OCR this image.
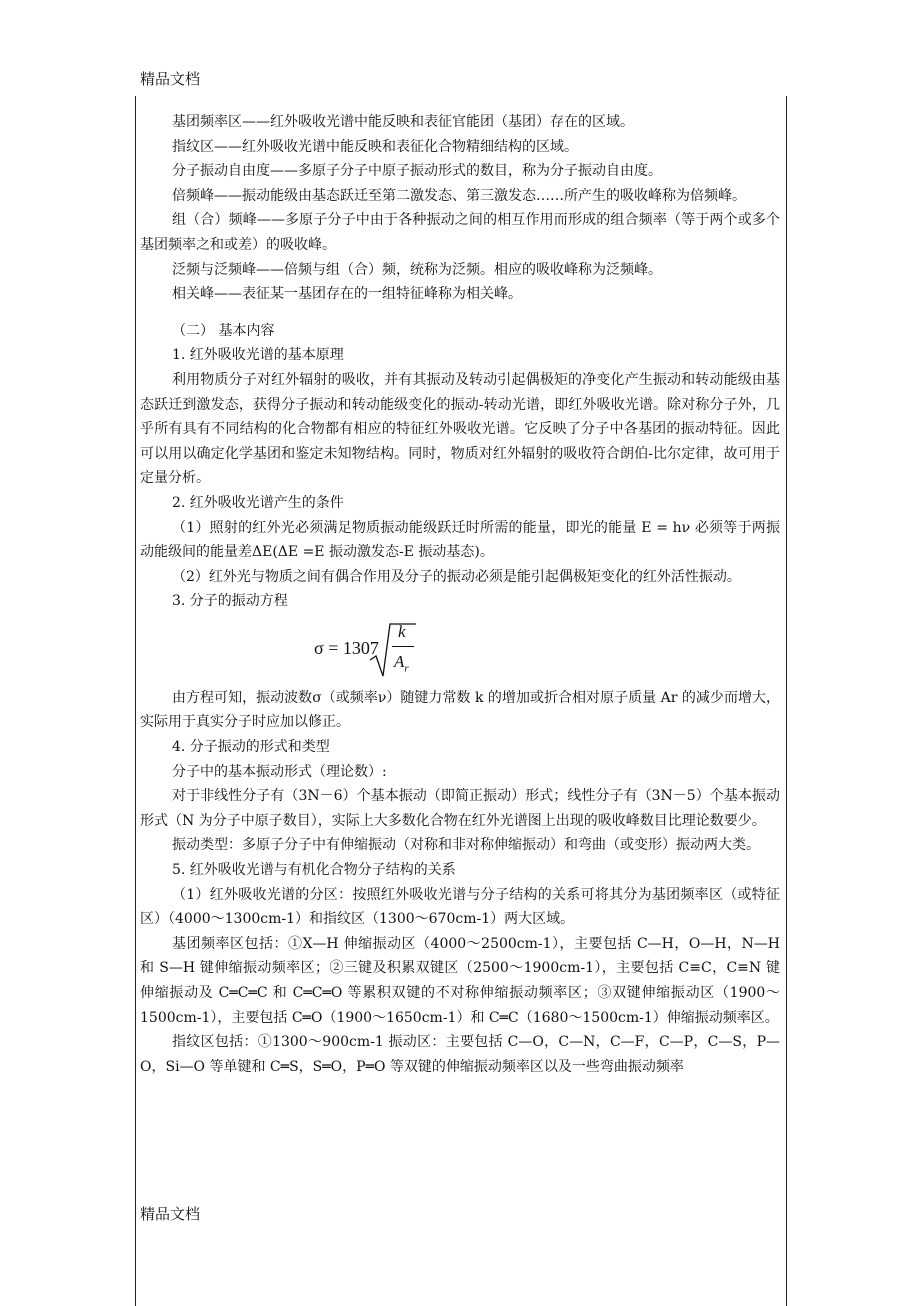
精品文档

基团频率区——红外吸收光谱中能反映和表征官能团（基团）存在的区域。

指纹区——红外吸收光谱中能反映和表征化合物精细结构的区域。

分子振动自由度——多原子分子中原子振动形式的数目，称为分子振动自由度。

倍频峰——振动能级由基态跃迁至第二激发态、第三激发态……所产生的吸收峰称为倍频峰。

组（合）频峰——多原子分子中由于各种振动之间的相互作用而形成的组合频率（等于两个或多个基团频率之和或差）的吸收峰。

泛频与泛频峰——倍频与组（合）频，统称为泛频。相应的吸收峰称为泛频峰。

相关峰——表征某一基团存在的一组特征峰称为相关峰。

（二） 基本内容

1. 红外吸收光谱的基本原理

利用物质分子对红外辐射的吸收，并有其振动及转动引起偶极矩的净变化产生振动和转动能级由基态跃迁到激发态，获得分子振动和转动能级变化的振动-转动光谱，即红外吸收光谱。除对称分子外，几乎所有具有不同结构的化合物都有相应的特征红外吸收光谱。它反映了分子中各基团的振动特征。因此可以用以确定化学基团和鉴定未知物结构。同时，物质对红外辐射的吸收符合朗伯-比尔定律，故可用于定量分析。

2. 红外吸收光谱产生的条件

（1）照射的红外光必须满足物质振动能级跃迁时所需的能量，即光的能量 E = hν 必须等于两振动能级间的能量差ΔE(ΔE =E 振动激发态-E 振动基态)。

（2）红外光与物质之间有偶合作用及分子的振动必须是能引起偶极矩变化的红外活性振动。

3. 分子的振动方程

σ = 1307
k
$A_r$

由方程可知，振动波数σ（或频率ν）随键力常数 k 的增加或折合相对原子质量 Ar 的减少而增大，实际用于真实分子时应加以修正。

4. 分子振动的形式和类型

分子中的基本振动形式（理论数）:

对于非线性分子有（3N－6）个基本振动（即简正振动）形式；线性分子有（3N－5）个基本振动形式（N 为分子中原子数目），实际上大多数化合物在红外光谱图上出现的吸收峰数目比理论数要少。

振动类型：多原子分子中有伸缩振动（对称和非对称伸缩振动）和弯曲（或变形）振动两大类。

5. 红外吸收光谱与有机化合物分子结构的关系

（1）红外吸收光谱的分区：按照红外吸收光谱与分子结构的关系可将其分为基团频率区（或特征区）（4000～1300cm-1）和指纹区（1300～670cm-1）两大区域。

基团频率区包括：①X—H 伸缩振动区（4000～2500cm-1），主要包括 C—H，O—H，N—H 和 S—H 键伸缩振动频率区；②三键及积累双键区（2500～1900cm-1），主要包括 C≡C，C≡N 键伸缩振动及 C═C═C 和 C═C═O 等累积双键的不对称伸缩振动频率区；③双键伸缩振动区（1900～1500cm-1），主要包括 C═O（1900～1650cm-1）和 C═C（1680～1500cm-1）伸缩振动频率区。

指纹区包括：①1300～900cm-1 振动区：主要包括 C—O，C—N，C—F，C—P，C—S，P—O，Si—O 等单键和 C═S，S═O，P═O 等双键的伸缩振动频率区以及一些弯曲振动频率

精品文档
